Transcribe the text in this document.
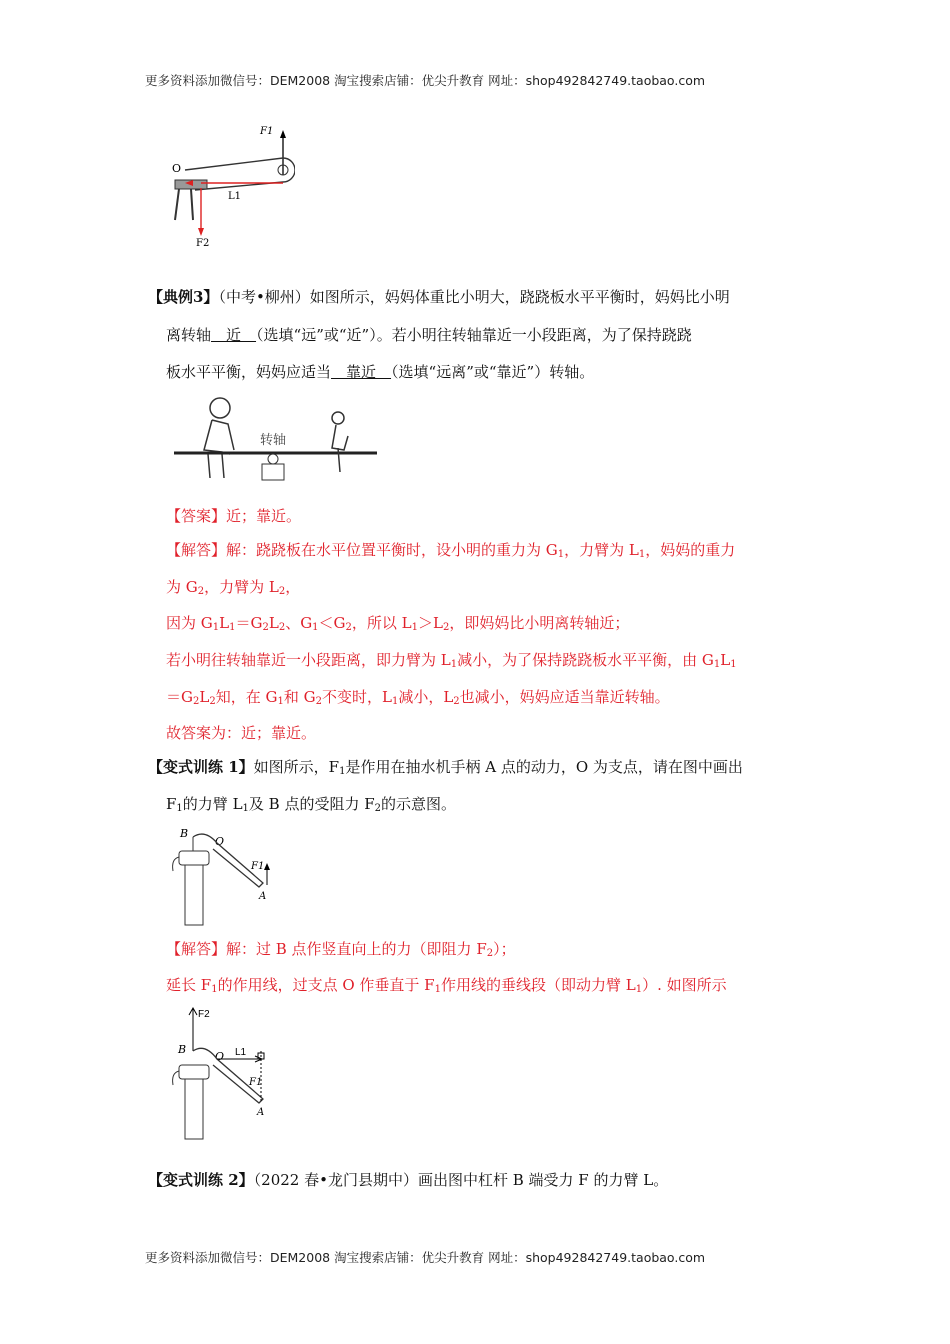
更多资料添加微信号：DEM2008 淘宝搜索店铺：优尖升教育 网址：shop492842749.taobao.com
F1
O
L1
F2
转轴
【典例3】（中考•柳州）如图所示，妈妈体重比小明大，跷跷板水平平衡时，妈妈比小明
离转轴　近　（选填“远”或“近”）。若小明往转轴靠近一小段距离，为了保持跷跷
板水平平衡，妈妈应适当　靠近　（选填“远离”或“靠近”）转轴。
【答案】近；靠近。
【解答】解：跷跷板在水平位置平衡时，设小明的重力为 $G_1$，力臂为 $L_1$，妈妈的重力
为 $G_2$，力臂为 $L_2$，
因为 $G_1L_1=G_2L_2$、$G_1<G_2$，所以 $L_1>L_2$，即妈妈比小明离转轴近；
若小明往转轴靠近一小段距离，即力臂为 $L_1$减小，为了保持跷跷板水平平衡，由 $G_1L_1$
$=G_2L_2$知，在 $G_1$和 $G_2$不变时，$L_1$减小，$L_2$也减小，妈妈应适当靠近转轴。
故答案为：近；靠近。
【变式训练 1】如图所示，$F_1$是作用在抽水机手柄 A 点的动力，O 为支点，请在图中画出
$F_1$的力臂 $L_1$及 B 点的受阻力 $F_2$的示意图。
【解答】解：过 B 点作竖直向上的力（即阻力 $F_2$）；
延长 $F_1$的作用线，过支点 O 作垂直于 $F_1$作用线的垂线段（即动力臂 $L_1$）. 如图所示
【变式训练 2】（2022 春•龙门县期中）画出图中杠杆 B 端受力 F 的力臂 L。
B
O
F1
A
F2
B
O L1
F1
A
更多资料添加微信号：DEM2008 淘宝搜索店铺：优尖升教育 网址：shop492842749.taobao.com
